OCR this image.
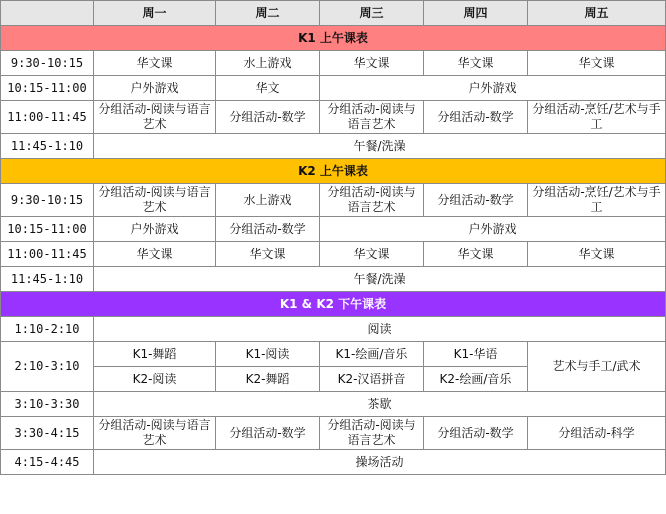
	周一	周二	周三	周四	周五
K1 上午课表					
9:30-10:15	华文课	水上游戏	华文课	华文课	华文课
10:15-11:00	户外游戏	华文	户外游戏		
11:00-11:45	分组活动-阅读与语言艺术	分组活动-数学	分组活动-阅读与语言艺术	分组活动-数学	分组活动-烹饪/艺术与手工
11:45-1:10	午餐/洗澡				
K2 上午课表					
9:30-10:15	分组活动-阅读与语言艺术	水上游戏	分组活动-阅读与语言艺术	分组活动-数学	分组活动-烹饪/艺术与手工
10:15-11:00	户外游戏	分组活动-数学	户外游戏		
11:00-11:45	华文课	华文课	华文课	华文课	华文课
11:45-1:10	午餐/洗澡				
K1 & K2 下午课表					
1:10-2:10	阅读				
2:10-3:10	K1-舞蹈	K1-阅读	K1-绘画/音乐	K1-华语	艺术与手工/武术
	K2-阅读	K2-舞蹈	K2-汉语拼音	K2-绘画/音乐	
3:10-3:30	茶歇				
3:30-4:15	分组活动-阅读与语言艺术	分组活动-数学	分组活动-阅读与语言艺术	分组活动-数学	分组活动-科学
4:15-4:45	操场活动				
